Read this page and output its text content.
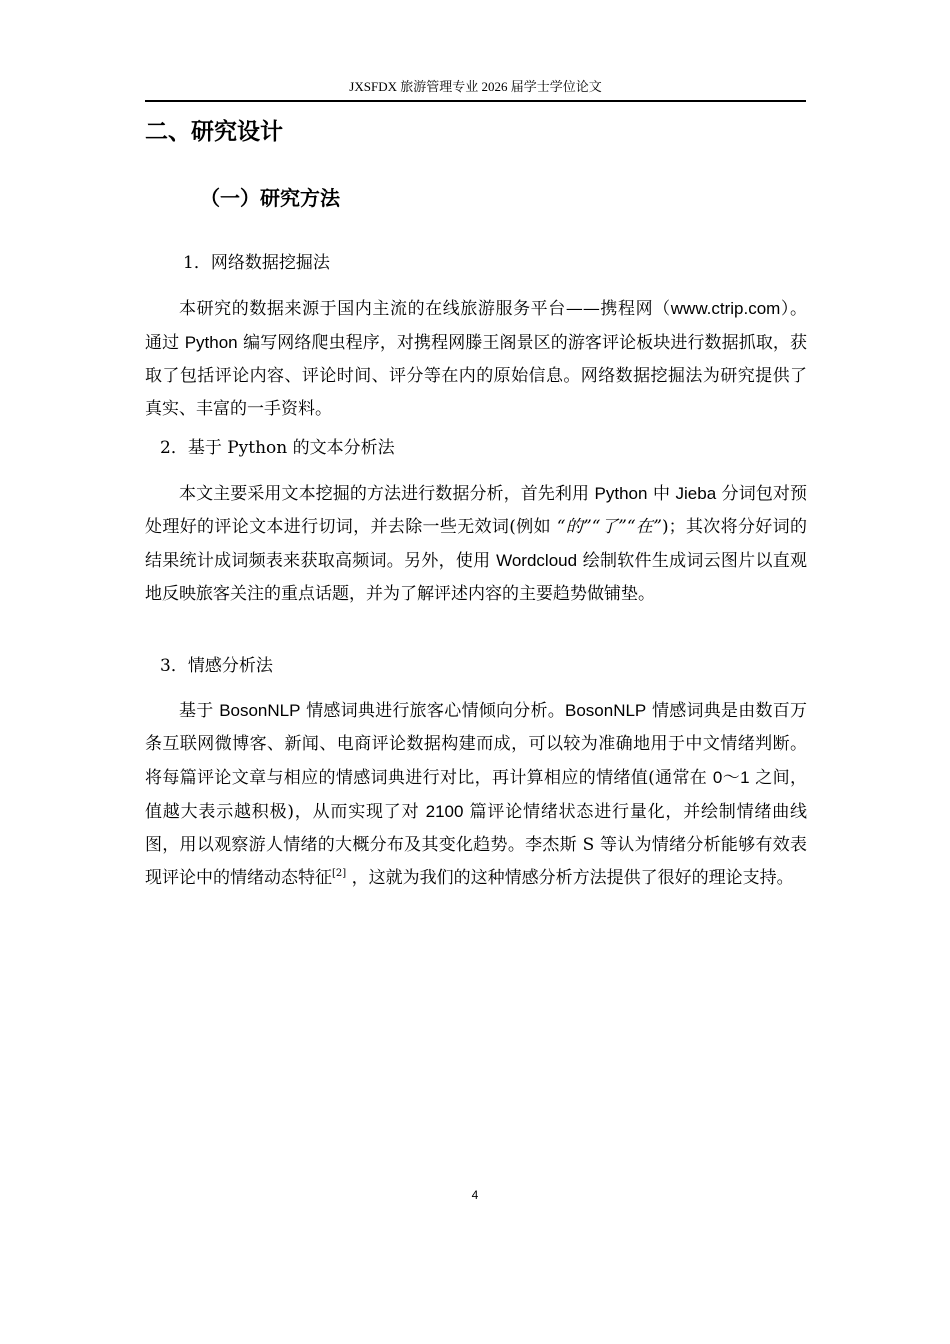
JXSFDX 旅游管理专业 2026 届学士学位论文
二、研究设计
（一）研究方法
1．网络数据挖掘法
本研究的数据来源于国内主流的在线旅游服务平台——携程网（www.ctrip.com）。通过 Python 编写网络爬虫程序，对携程网滕王阁景区的游客评论板块进行数据抓取，获取了包括评论内容、评论时间、评分等在内的原始信息。网络数据挖掘法为研究提供了真实、丰富的一手资料。
2．基于 Python 的文本分析法
本文主要采用文本挖掘的方法进行数据分析，首先利用 Python 中 Jieba 分词包对预处理好的评论文本进行切词，并去除一些无效词(例如 “的”“了”“在”)；其次将分好词的结果统计成词频表来获取高频词。另外，使用 Wordcloud 绘制软件生成词云图片以直观地反映旅客关注的重点话题，并为了解评述内容的主要趋势做铺垫。
3．情感分析法
基于 BosonNLP 情感词典进行旅客心情倾向分析。BosonNLP 情感词典是由数百万条互联网微博客、新闻、电商评论数据构建而成，可以较为准确地用于中文情绪判断。将每篇评论文章与相应的情感词典进行对比，再计算相应的情绪值(通常在 0～1 之间，值越大表示越积极)，从而实现了对 2100 篇评论情绪状态进行量化，并绘制情绪曲线图，用以观察游人情绪的大概分布及其变化趋势。李杰斯 S 等认为情绪分析能够有效表现评论中的情绪动态特征[2] ，这就为我们的这种情感分析方法提供了很好的理论支持。
4
